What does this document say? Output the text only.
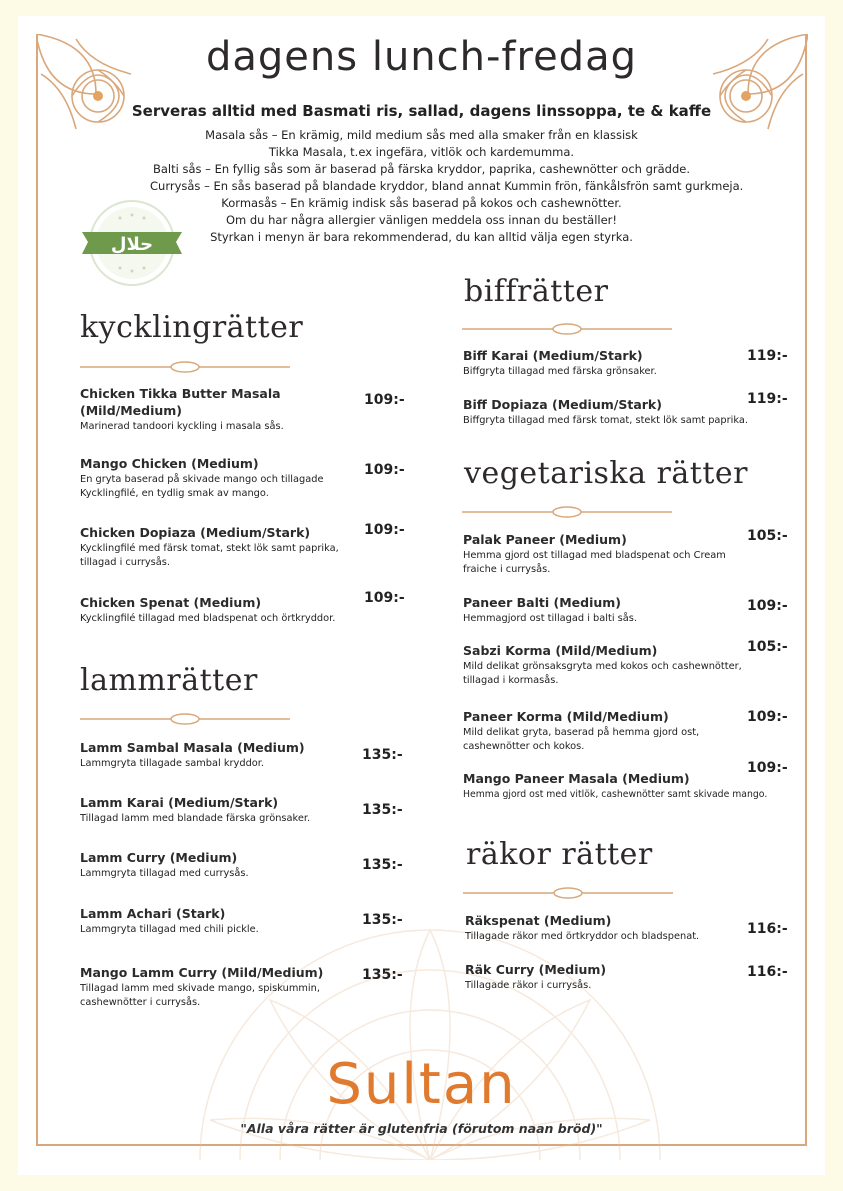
dagens lunch-fredag
Serveras alltid med Basmati ris, sallad, dagens linssoppa, te & kaffe
Masala sås – En krämig, mild medium sås med alla smaker från en klassisk
Tikka Masala, t.ex ingefära, vitlök och kardemumma.
Balti sås – En fyllig sås som är baserad på färska kryddor, paprika, cashewnötter och grädde.
Currysås – En sås baserad på blandade kryddor, bland annat Kummin frön, fänkålsfrön samt gurkmeja.
Kormasås – En krämig indisk sås baserad på kokos och cashewnötter.
Om du har några allergier vänligen meddela oss innan du beställer!
Styrkan i menyn är bara rekommenderad, du kan alltid välja egen styrka.
حلال
kycklingrätter
Chicken Tikka Butter Masala (Mild/Medium)
Marinerad tandoori kyckling i masala sås.
109:-
Mango Chicken (Medium)
En gryta baserad på skivade mango och tillagade Kycklingfilé, en tydlig smak av mango.
109:-
Chicken Dopiaza (Medium/Stark)
Kycklingfilé med färsk tomat, stekt lök samt paprika, tillagad i currysås.
109:-
Chicken Spenat (Medium)
Kycklingfilé tillagad med bladspenat och örtkryddor.
109:-
lammrätter
Lamm Sambal Masala (Medium)
Lammgryta tillagade sambal kryddor.
135:-
Lamm Karai (Medium/Stark)
Tillagad lamm med blandade färska grönsaker.
135:-
Lamm Curry (Medium)
Lammgryta tillagad med currysås.
135:-
Lamm Achari (Stark)
Lammgryta tillagad med chili pickle.
135:-
Mango Lamm Curry (Mild/Medium)
Tillagad lamm med skivade mango, spiskummin, cashewnötter i currysås.
135:-
biffrätter
Biff Karai (Medium/Stark)
Biffgryta tillagad med färska grönsaker.
119:-
Biff Dopiaza (Medium/Stark)
Biffgryta tillagad med färsk tomat, stekt lök samt paprika.
119:-
vegetariska rätter
Palak Paneer (Medium)
Hemma gjord ost tillagad med bladspenat och Cream fraiche i currysås.
105:-
Paneer Balti (Medium)
Hemmagjord ost tillagad i balti sås.
109:-
Sabzi Korma (Mild/Medium)
Mild delikat grönsaksgryta med kokos och cashewnötter, tillagad i kormasås.
105:-
Paneer Korma (Mild/Medium)
Mild delikat gryta, baserad på hemma gjord ost, cashewnötter och kokos.
109:-
Mango Paneer Masala (Medium)
Hemma gjord ost med vitlök, cashewnötter samt skivade mango.
109:-
räkor rätter
Räkspenat (Medium)
Tillagade räkor med örtkryddor och bladspenat.	116:-
Räk Curry (Medium)
Tillagade räkor i currysås.
116:-
Sultan
"Alla våra rätter är glutenfria (förutom naan bröd)"
